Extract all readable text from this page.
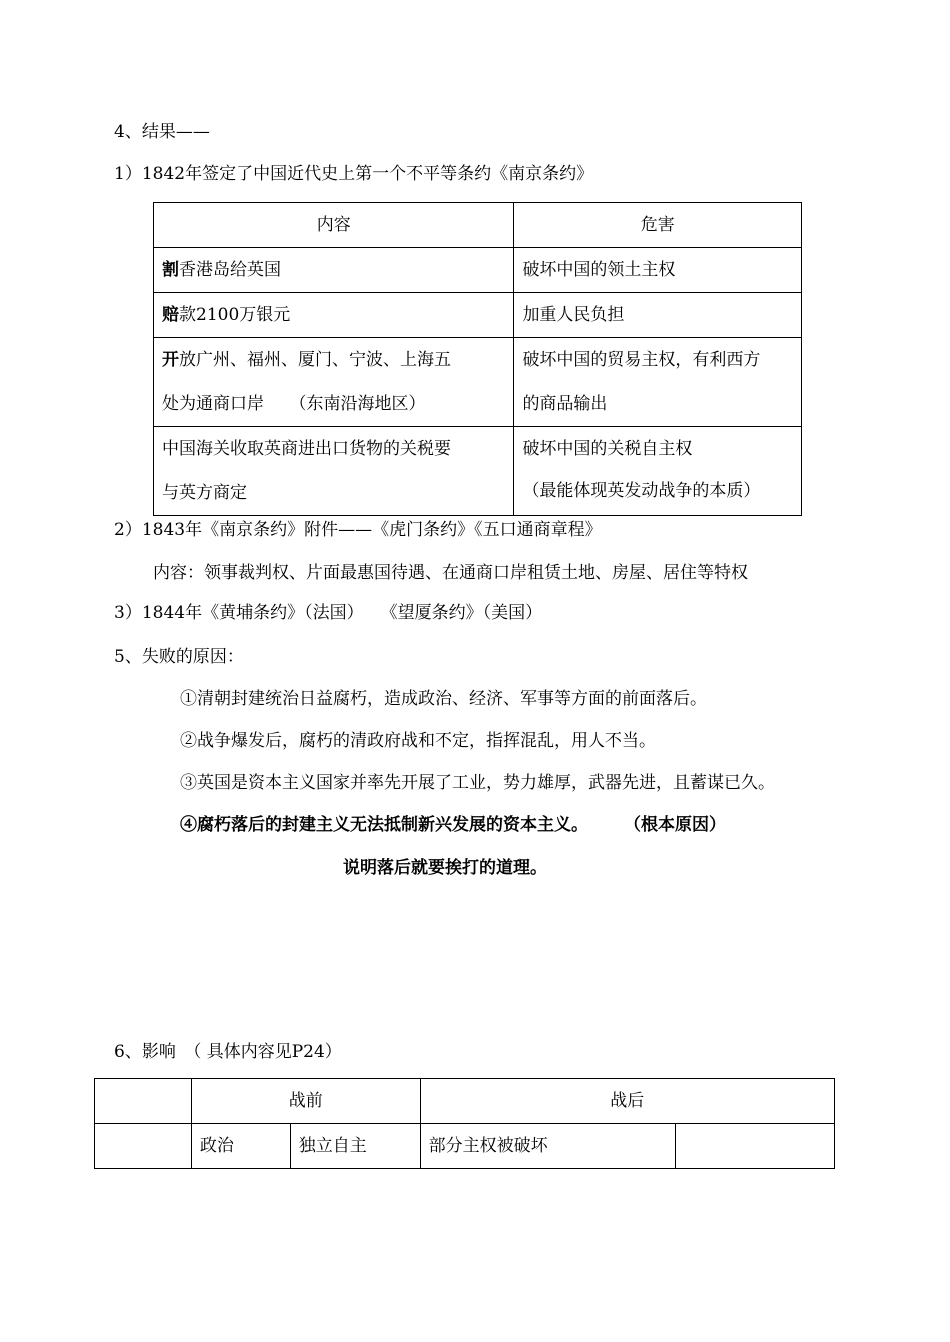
4、结果——
1）1842年签定了中国近代史上第一个不平等条约《南京条约》
内容	危害
割香港岛给英国	破坏中国的领土主权
赔款2100万银元	加重人民负担
开放广州、福州、厦门、宁波、上海五
处为通商口岸　　（东南沿海地区）	破坏中国的贸易主权，有利西方
的商品输出
中国海关收取英商进出口货物的关税要
与英方商定	破坏中国的关税自主权
（最能体现英发动战争的本质）
2）1843年《南京条约》附件——《虎门条约》《五口通商章程》
内容：领事裁判权、片面最惠国待遇、在通商口岸租赁土地、房屋、居住等特权
3）1844年《黄埔条约》（法国）　　《望厦条约》（美国）
5、失败的原因：
①清朝封建统治日益腐朽，造成政治、经济、军事等方面的前面落后。
②战争爆发后，腐朽的清政府战和不定，指挥混乱，用人不当。
③英国是资本主义国家并率先开展了工业，势力雄厚，武器先进，且蓄谋已久。
④腐朽落后的封建主义无法抵制新兴发展的资本主义。 （根本原因）
说明落后就要挨打的道理。
6、影响　（ 具体内容见P24）
	战前		战后	
	政治	独立自主	部分主权被破坏	
